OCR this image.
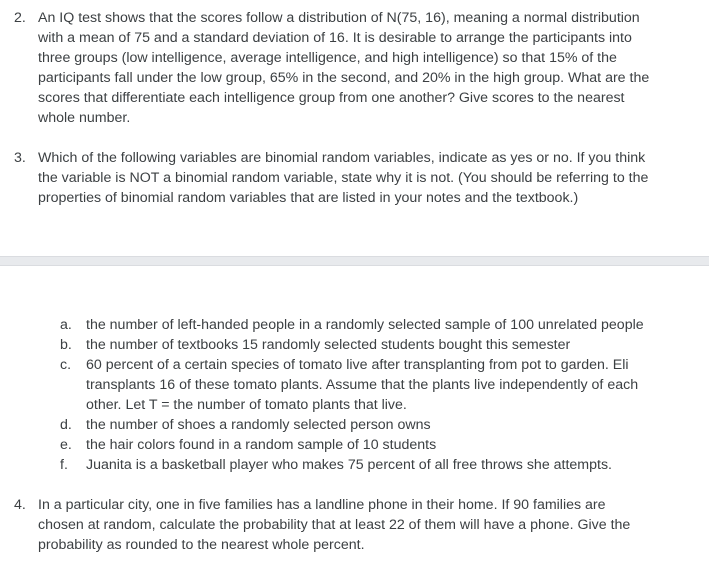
2. An IQ test shows that the scores follow a distribution of N(75, 16), meaning a normal distribution
with a mean of 75 and a standard deviation of 16. It is desirable to arrange the participants into
three groups (low intelligence, average intelligence, and high intelligence) so that 15% of the
participants fall under the low group, 65% in the second, and 20% in the high group. What are the
scores that differentiate each intelligence group from one another? Give scores to the nearest
whole number.
3. Which of the following variables are binomial random variables, indicate as yes or no. If you think
the variable is NOT a binomial random variable, state why it is not. (You should be referring to the
properties of binomial random variables that are listed in your notes and the textbook.)
a. the number of left-handed people in a randomly selected sample of 100 unrelated people
b. the number of textbooks 15 randomly selected students bought this semester
c.	60 percent of a certain species of tomato live after transplanting from pot to garden. Eli
transplants 16 of these tomato plants. Assume that the plants live independently of each
other. Let T = the number of tomato plants that live.
d. the number of shoes a randomly selected person owns
e. the hair colors found in a random sample of 10 students
f.	Juanita is a basketball player who makes 75 percent of all free throws she attempts.
4. In a particular city, one in five families has a landline phone in their home. If 90 families are
chosen at random, calculate the probability that at least 22 of them will have a phone. Give the
probability as rounded to the nearest whole percent.
